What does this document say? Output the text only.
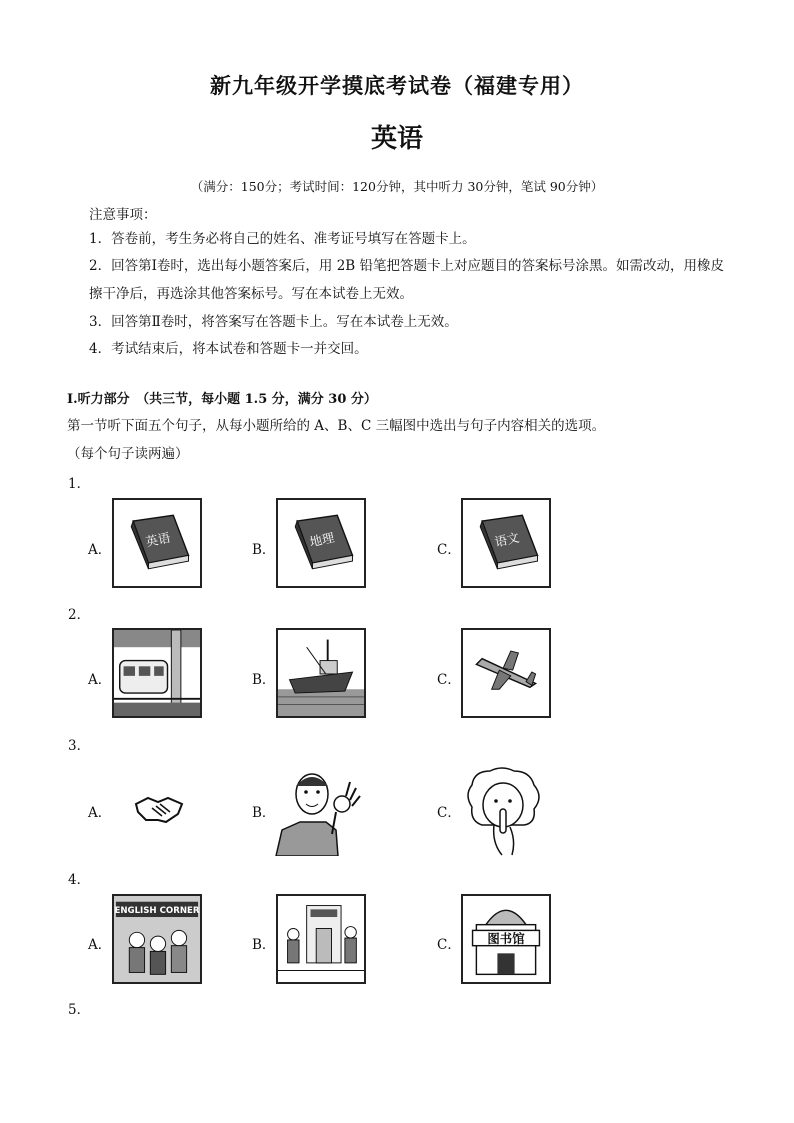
新九年级开学摸底考试卷（福建专用）
英语
（满分：150分；考试时间：120分钟，其中听力 30分钟，笔试 90分钟）
注意事项：
1．答卷前，考生务必将自己的姓名、准考证号填写在答题卡上。
2．回答第Ⅰ卷时，选出每小题答案后，用 2B 铅笔把答题卡上对应题目的答案标号涂黑。如需改动，用橡皮擦干净后，再选涂其他答案标号。写在本试卷上无效。
3．回答第Ⅱ卷时，将答案写在答题卡上。写在本试卷上无效。
4．考试结束后，将本试卷和答题卡一并交回。
Ⅰ.听力部分　（共三节，每小题 1.5 分，满分 30 分）
第一节听下面五个句子，从每小题所给的 A、B、C 三幅图中选出与句子内容相关的选项。
（每个句子读两遍）
1．
A．
英语
B．
地理
C．
语文
2．
A．	B．	C．
3．
A．	B．	C．
4．
A．
ENGLISH CORNER
B．	C． 图书馆
5．
